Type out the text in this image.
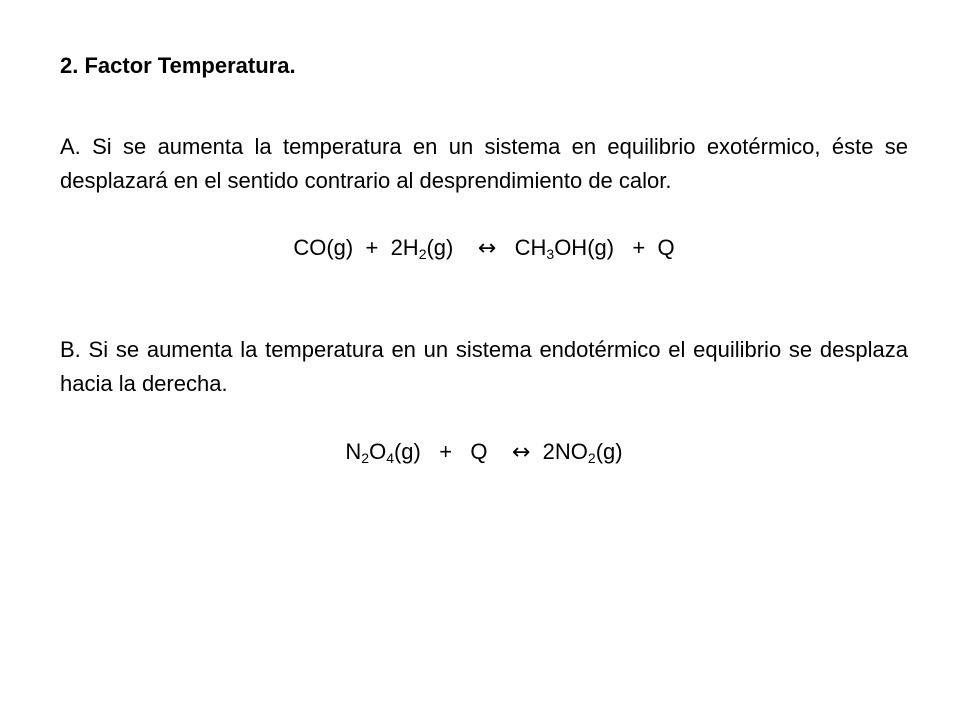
2. Factor Temperatura.

A. Si se aumenta la temperatura en un sistema en equilibrio exotérmico, éste se desplazará en el sentido contrario al desprendimiento de calor.

$CO(g) + 2H_2(g)$ ↔ $CH_3OH(g) + Q$

B. Si se aumenta la temperatura en un sistema endotérmico el equilibrio se desplaza hacia la derecha.

$N_2O_4(g) + Q$ ↔ $2NO_2(g)$
